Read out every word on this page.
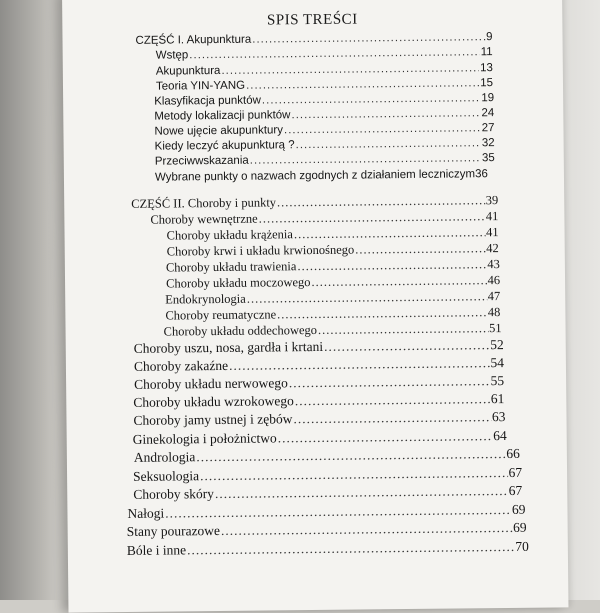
SPIS TREŚCI
CZĘŚĆ I. Akupunktura .....	9
Wstęp .....	11
Akupunktura .....	13
Teoria YIN-YANG .....	15
Klasyfikacja punktów .....	19
Metody lokalizacji punktów .....	24
Nowe ujęcie akupunktury .....	27
Kiedy leczyć akupunkturą ? .....	32
Przeciwwskazania .....	35
Wybrane punkty o nazwach zgodnych z działaniem leczniczym36
CZĘŚĆ II. Choroby i punkty .....	39
Choroby wewnętrzne .....	41
Choroby układu krążenia .....	41
Choroby krwi i układu krwionośnego .....	42
Choroby układu trawienia .....	43
Choroby układu moczowego .....	46
Endokrynologia .....	47
Choroby reumatyczne .....	48
Choroby układu oddechowego .....	51
Choroby uszu, nosa, gardła i krtani .....	52
Choroby zakaźne .....	54
Choroby układu nerwowego .....	55
Choroby układu wzrokowego .....	61
Choroby jamy ustnej i zębów .....	63
Ginekologia i położnictwo .....	64
Andrologia .....	66
Seksuologia .....	67
Choroby skóry .....	67
Nałogi .....	69
Stany pourazowe .....	69
Bóle i inne .....	70
